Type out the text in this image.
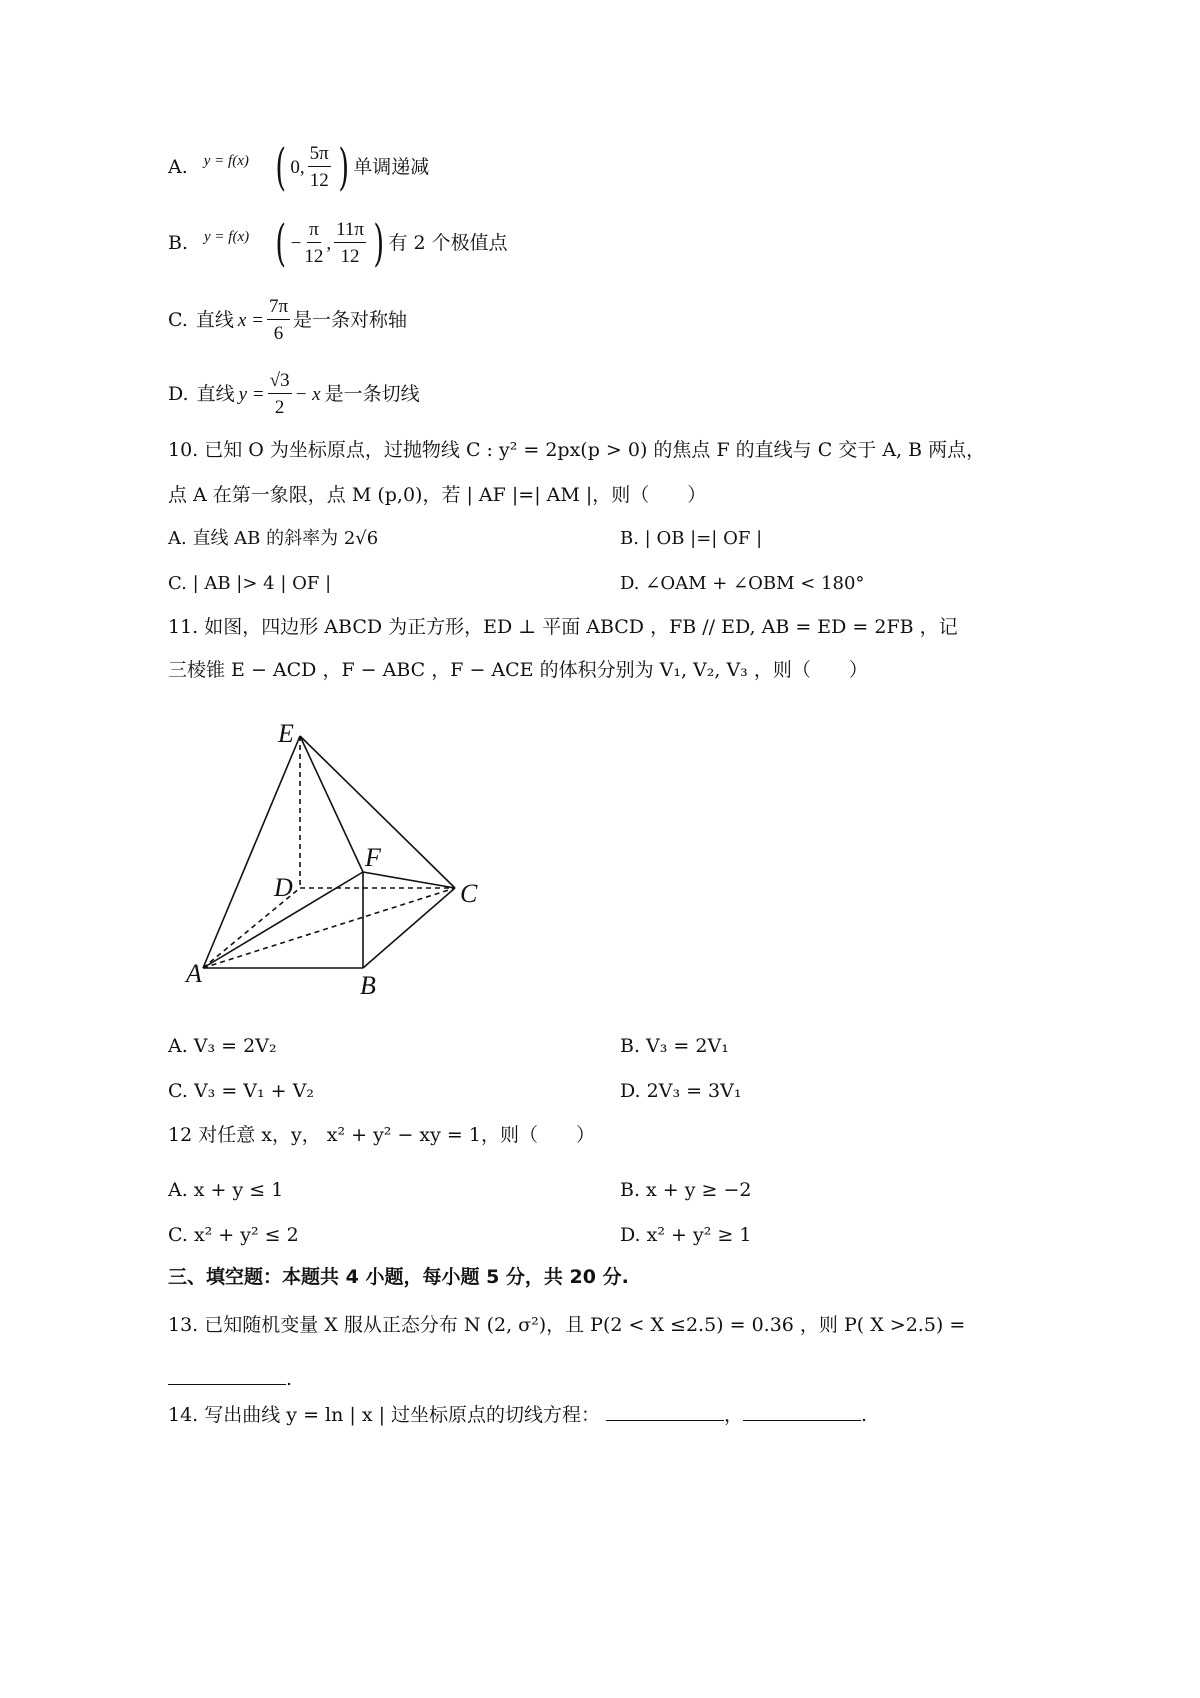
A. y = f(x) ( 0, $\frac{5\pi}{12}$ ) 单调递减
B. y = f(x) ( − $\frac{\pi}{12}$ , $\frac{11\pi}{12}$ ) 有 2 个极值点
C. 直线 $x = \frac{7\pi}{6}$ 是一条对称轴
D. 直线 $y = \frac{√3}{2} - x$ 是一条切线
10. 已知 O 为坐标原点，过抛物线 C : y² = 2px(p > 0) 的焦点 F 的直线与 C 交于 A, B 两点，
点 A 在第一象限，点 M (p,0)，若 | AF |=| AM |，则（　　）
A. 直线 AB 的斜率为 2√6	B. | OB |=| OF |
C. | AB |> 4 | OF |	D. ∠OAM + ∠OBM < 180°
11. 如图，四边形 ABCD 为正方形，ED ⊥ 平面 ABCD ，FB // ED, AB = ED = 2FB ，记
三棱锥 E − ACD ，F − ABC ，F − ACE 的体积分别为 V₁, V₂, V₃ ，则（　　）
E
F
D	C
A	B
A. V₃ = 2V₂	B. V₃ = 2V₁
C. V₃ = V₁ + V₂	D. 2V₃ = 3V₁
12 对任意 x，y， x² + y² − xy = 1，则（　　）
A. x + y ≤ 1	B. x + y ≥ −2
C. x² + y² ≤ 2	D. x² + y² ≥ 1
三、填空题：本题共 4 小题，每小题 5 分，共 20 分.
13. 已知随机变量 X 服从正态分布 N (2, σ²)，且 P(2 < X ≤2.5) = 0.36 ，则 P( X >2.5) =
.
14. 写出曲线 y = ln | x | 过坐标原点的切线方程：	，	.
